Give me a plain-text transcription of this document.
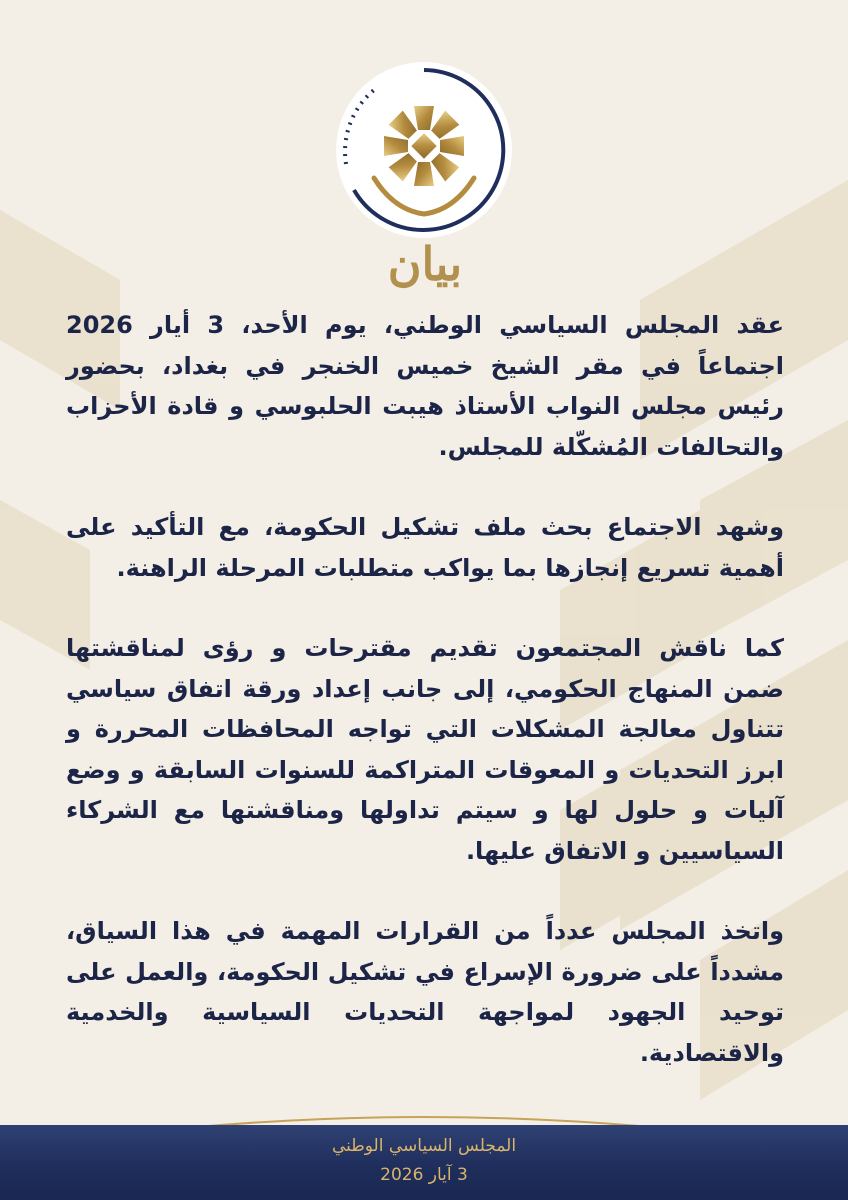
بيان

عقد المجلس السياسي الوطني، يوم الأحد، 3 أيار 2026 اجتماعاً في مقر الشيخ خميس الخنجر في بغداد، بحضور رئيس مجلس النواب الأستاذ هيبت الحلبوسي و قادة الأحزاب والتحالفات المُشكّلة للمجلس.

وشهد الاجتماع بحث ملف تشكيل الحكومة، مع التأكيد على أهمية تسريع إنجازها بما يواكب متطلبات المرحلة الراهنة.

كما ناقش المجتمعون تقديم مقترحات و رؤى لمناقشتها ضمن المنهاج الحكومي، إلى جانب إعداد ورقة اتفاق سياسي تتناول معالجة المشكلات التي تواجه المحافظات المحررة و ابرز التحديات و المعوقات المتراكمة للسنوات السابقة و وضع آليات و حلول لها و سيتم تداولها ومناقشتها مع الشركاء السياسيين و الاتفاق عليها.

واتخذ المجلس عدداً من القرارات المهمة في هذا السياق، مشدداً على ضرورة الإسراع في تشكيل الحكومة، والعمل على توحيد الجهود لمواجهة التحديات السياسية والخدمية والاقتصادية.

المجلس السياسي الوطني
3 آيار 2026
